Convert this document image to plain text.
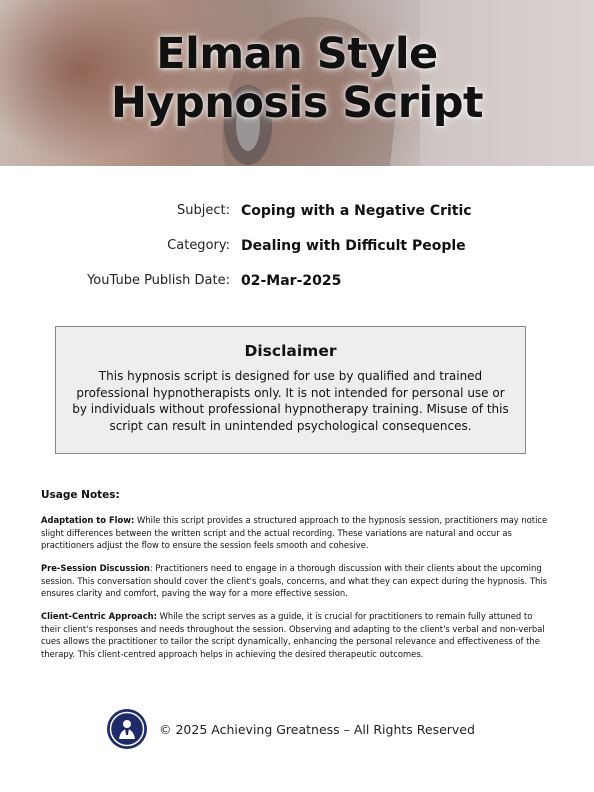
Elman Style
Hypnosis Script
Subject: Coping with a Negative Critic
Category: Dealing with Difficult People
YouTube Publish Date: 02-Mar-2025
Disclaimer

This hypnosis script is designed for use by qualified and trained professional hypnotherapists only. It is not intended for personal use or by individuals without professional hypnotherapy training. Misuse of this script can result in unintended psychological consequences.

Usage Notes:

Adaptation to Flow: While this script provides a structured approach to the hypnosis session, practitioners may notice slight differences between the written script and the actual recording. These variations are natural and occur as practitioners adjust the flow to ensure the session feels smooth and cohesive.

Pre-Session Discussion: Practitioners need to engage in a thorough discussion with their clients about the upcoming session. This conversation should cover the client's goals, concerns, and what they can expect during the hypnosis. This ensures clarity and comfort, paving the way for a more effective session.

Client-Centric Approach: While the script serves as a guide, it is crucial for practitioners to remain fully attuned to their client's responses and needs throughout the session. Observing and adapting to the client's verbal and non-verbal cues allows the practitioner to tailor the script dynamically, enhancing the personal relevance and effectiveness of the therapy. This client-centred approach helps in achieving the desired therapeutic outcomes.

© 2025 Achieving Greatness – All Rights Reserved
